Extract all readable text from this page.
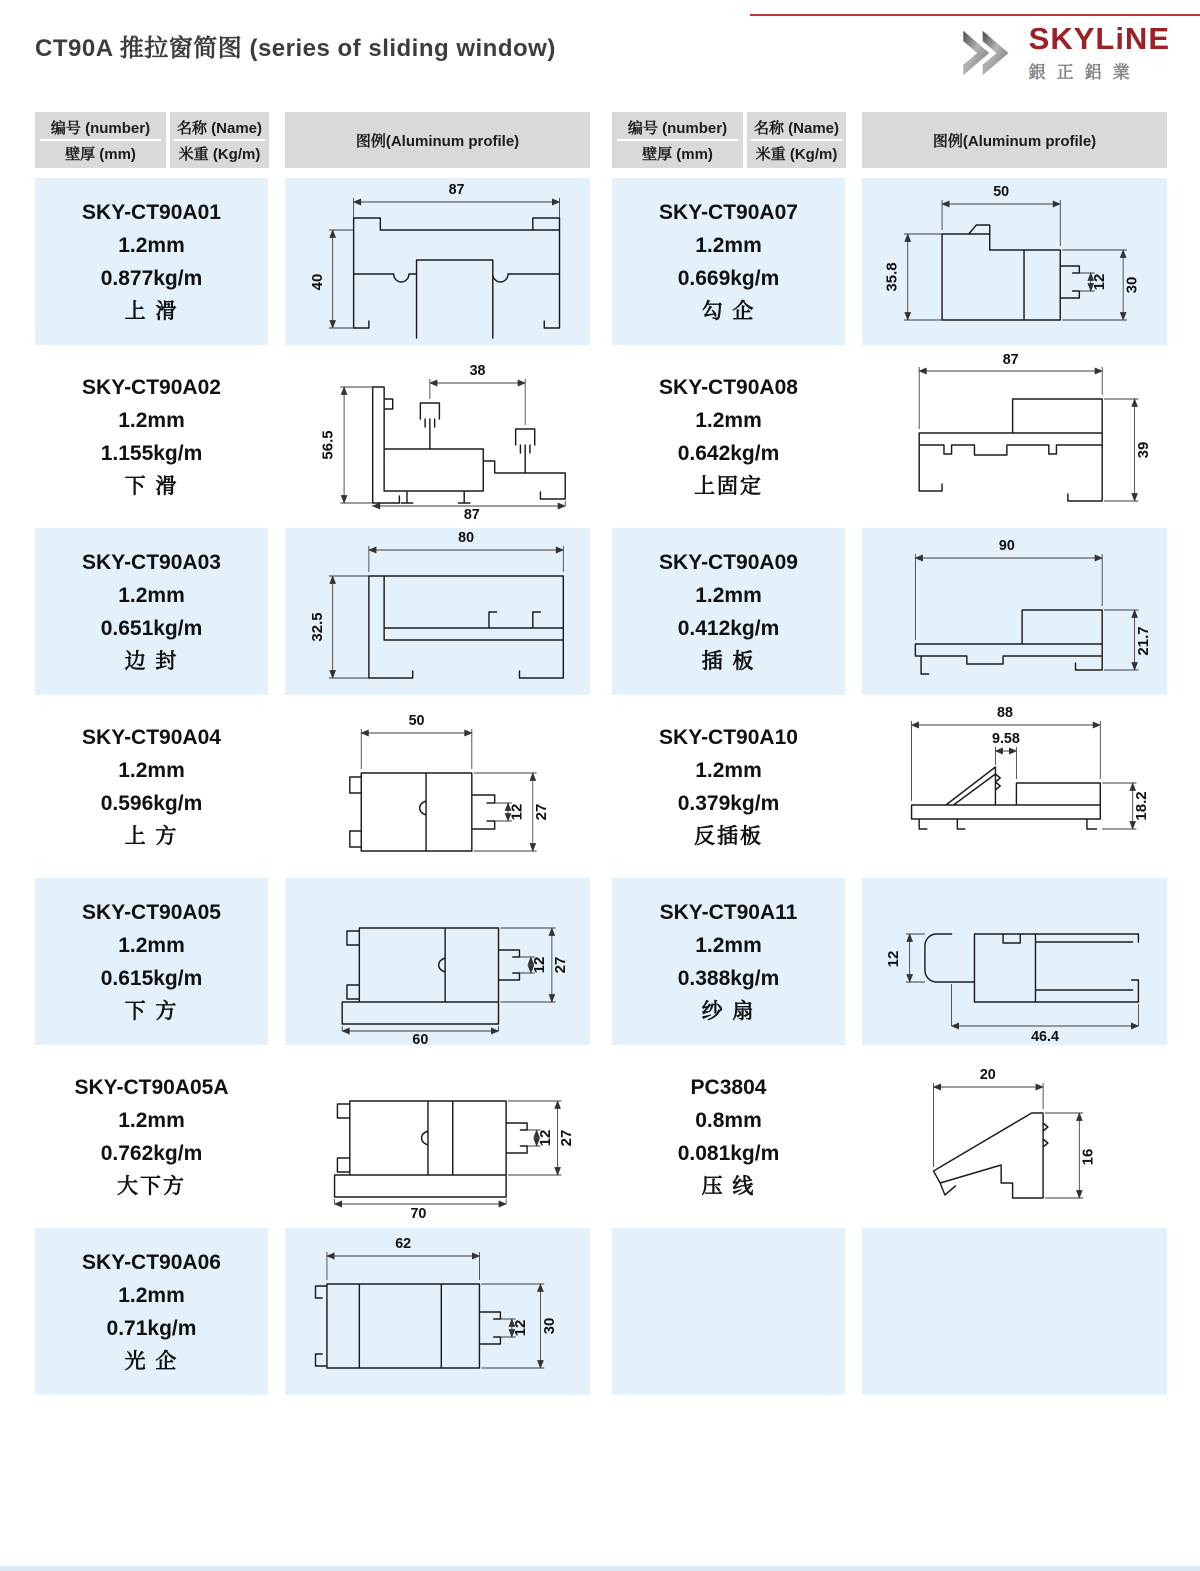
CT90A 推拉窗简图 (series of sliding window)	SKYLiNE
銀正鋁業
编号 (number)
壁厚 (mm)
名称 (Name)
米重 (Kg/m)
图例(Aluminum profile)
SKY-CT90A01
1.2mm
0.877kg/m
上 滑
87
40
SKY-CT90A02
1.2mm
1.155kg/m
下 滑
38
56.5
87
SKY-CT90A03
1.2mm
0.651kg/m
边 封
80
32.5
SKY-CT90A04
1.2mm
0.596kg/m
上 方
50
12 27
SKY-CT90A05
1.2mm
0.615kg/m
下 方
12 27
60
SKY-CT90A05A
1.2mm
0.762kg/m
大下方
12 27
70
SKY-CT90A06
1.2mm
0.71kg/m
光 企
62
12 30
编号 (number)
壁厚 (mm)
名称 (Name)
米重 (Kg/m)
图例(Aluminum profile)
SKY-CT90A07
1.2mm
0.669kg/m
勾 企
50
35.8	12 30
SKY-CT90A08
1.2mm
0.642kg/m
上固定
87
39
SKY-CT90A09
1.2mm
0.412kg/m
插 板
90
21.7
SKY-CT90A10
1.2mm
0.379kg/m
反插板
88
9.58
18.2
SKY-CT90A11
1.2mm
0.388kg/m
纱 扇
12
46.4
PC3804
0.8mm
0.081kg/m
压 线
20
16
